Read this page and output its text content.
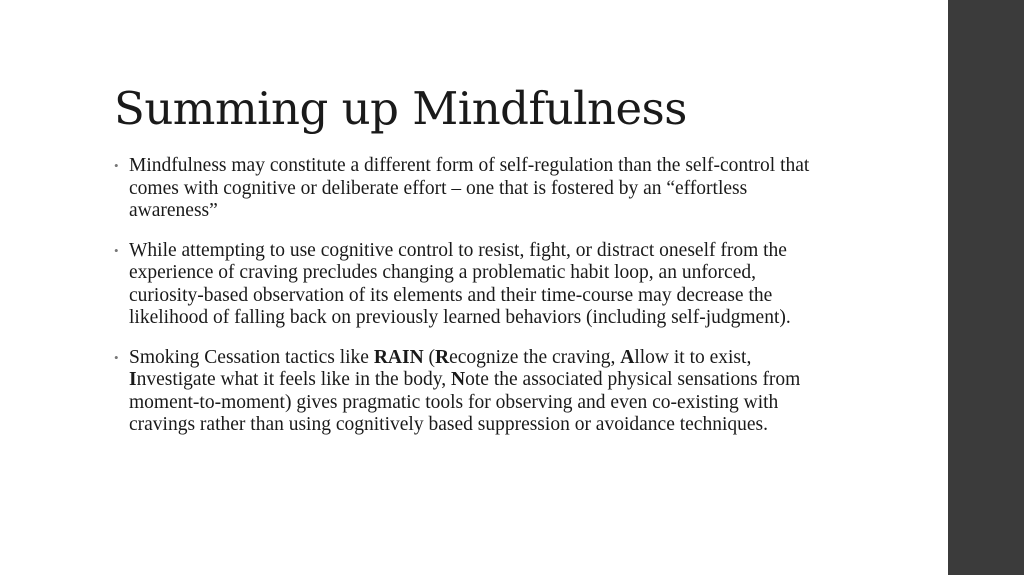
Summing up Mindfulness
• Mindfulness may constitute a different form of self-regulation than the self-control that comes with cognitive or deliberate effort – one that is fostered by an “effortless awareness”
• While attempting to use cognitive control to resist, fight, or distract oneself from the experience of craving precludes changing a problematic habit loop, an unforced, curiosity-based observation of its elements and their time-course may decrease the likelihood of falling back on previously learned behaviors (including self-judgment).
• Smoking Cessation tactics like RAIN (Recognize the craving, Allow it to exist, Investigate what it feels like in the body, Note the associated physical sensations from moment-to-moment) gives pragmatic tools for observing and even co-existing with cravings rather than using cognitively based suppression or avoidance techniques.
